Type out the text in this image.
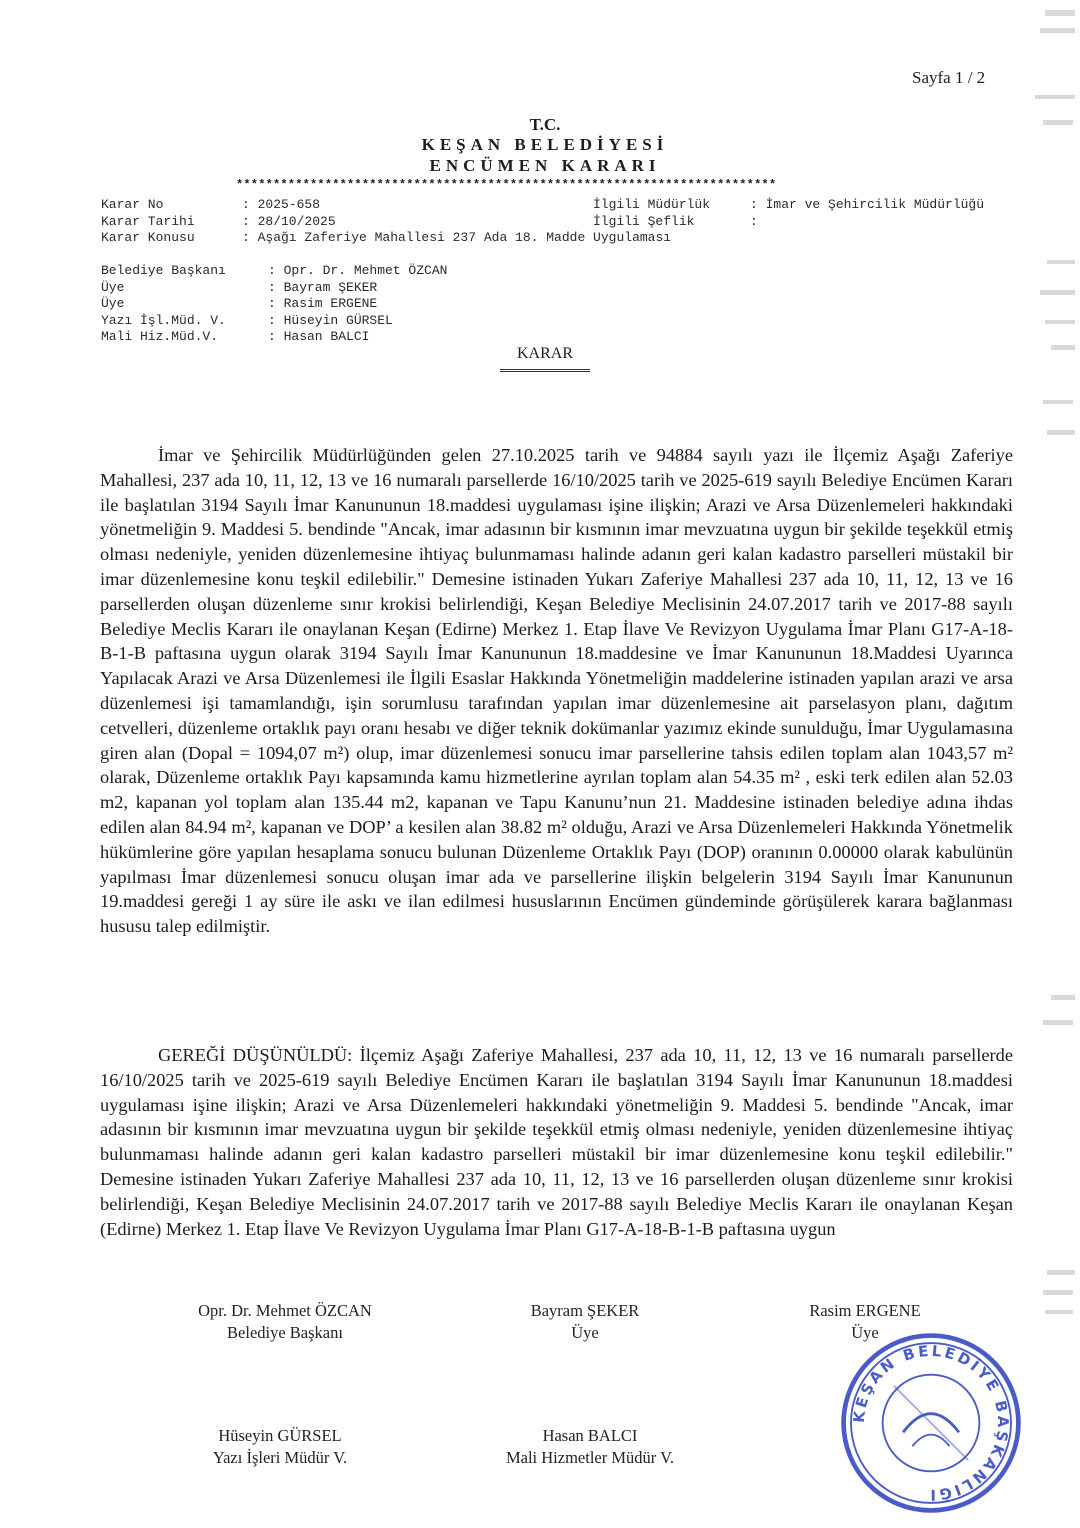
Sayfa 1 / 2
T.C.
KEŞAN BELEDİYESİ
ENCÜMEN KARARI
*************************************************************************
Karar No
Karar Tarihi
Karar Konusu
: 2025-658
: 28/10/2025
: Aşağı Zaferiye Mahallesi 237 Ada 18. Madde Uygulaması
İlgili Müdürlük
İlgili Şeflik
: İmar ve Şehircilik Müdürlüğü
:
Belediye Başkanı
Üye
Üye
Yazı İşl.Müd. V.
Mali Hiz.Müd.V.
: Opr. Dr. Mehmet ÖZCAN
: Bayram ŞEKER
: Rasim ERGENE
: Hüseyin GÜRSEL
: Hasan BALCI
KARAR
İmar ve Şehircilik Müdürlüğünden gelen 27.10.2025 tarih ve 94884 sayılı yazı ile İlçemiz Aşağı Zaferiye Mahallesi, 237 ada 10, 11, 12, 13 ve 16 numaralı parsellerde 16/10/2025 tarih ve 2025-619 sayılı Belediye Encümen Kararı ile başlatılan 3194 Sayılı İmar Kanununun 18.maddesi uygulaması işine ilişkin; Arazi ve Arsa Düzenlemeleri hakkındaki yönetmeliğin 9. Maddesi 5. bendinde "Ancak, imar adasının bir kısmının imar mevzuatına uygun bir şekilde teşekkül etmiş olması nedeniyle, yeniden düzenlemesine ihtiyaç bulunmaması halinde adanın geri kalan kadastro parselleri müstakil bir imar düzenlemesine konu teşkil edilebilir." Demesine istinaden Yukarı Zaferiye Mahallesi 237 ada 10, 11, 12, 13 ve 16 parsellerden oluşan düzenleme sınır krokisi belirlendiği, Keşan Belediye Meclisinin 24.07.2017 tarih ve 2017-88 sayılı Belediye Meclis Kararı ile onaylanan Keşan (Edirne) Merkez 1. Etap İlave Ve Revizyon Uygulama İmar Planı G17-A-18-B-1-B paftasına uygun olarak 3194 Sayılı İmar Kanununun 18.maddesine ve İmar Kanununun 18.Maddesi Uyarınca Yapılacak Arazi ve Arsa Düzenlemesi ile İlgili Esaslar Hakkında Yönetmeliğin maddelerine istinaden yapılan arazi ve arsa düzenlemesi işi tamamlandığı, işin sorumlusu tarafından yapılan imar düzenlemesine ait parselasyon planı, dağıtım cetvelleri, düzenleme ortaklık payı oranı hesabı ve diğer teknik dokümanlar yazımız ekinde sunulduğu, İmar Uygulamasına giren alan (Dopal = 1094,07 m²) olup, imar düzenlemesi sonucu imar parsellerine tahsis edilen toplam alan 1043,57 m² olarak, Düzenleme ortaklık Payı kapsamında kamu hizmetlerine ayrılan toplam alan 54.35 m² , eski terk edilen alan 52.03 m2, kapanan yol toplam alan 135.44 m2, kapanan ve Tapu Kanunu’nun 21. Maddesine istinaden belediye adına ihdas edilen alan 84.94 m², kapanan ve DOP’ a kesilen alan 38.82 m² olduğu, Arazi ve Arsa Düzenlemeleri Hakkında Yönetmelik hükümlerine göre yapılan hesaplama sonucu bulunan Düzenleme Ortaklık Payı (DOP) oranının 0.00000 olarak kabulünün yapılması İmar düzenlemesi sonucu oluşan imar ada ve parsellerine ilişkin belgelerin 3194 Sayılı İmar Kanununun 19.maddesi gereği 1 ay süre ile askı ve ilan edilmesi hususlarının Encümen gündeminde görüşülerek karara bağlanması hususu talep edilmiştir.
GEREĞİ DÜŞÜNÜLDÜ: İlçemiz Aşağı Zaferiye Mahallesi, 237 ada 10, 11, 12, 13 ve 16 numaralı parsellerde 16/10/2025 tarih ve 2025-619 sayılı Belediye Encümen Kararı ile başlatılan 3194 Sayılı İmar Kanununun 18.maddesi uygulaması işine ilişkin; Arazi ve Arsa Düzenlemeleri hakkındaki yönetmeliğin 9. Maddesi 5. bendinde "Ancak, imar adasının bir kısmının imar mevzuatına uygun bir şekilde teşekkül etmiş olması nedeniyle, yeniden düzenlemesine ihtiyaç bulunmaması halinde adanın geri kalan kadastro parselleri müstakil bir imar düzenlemesine konu teşkil edilebilir." Demesine istinaden Yukarı Zaferiye Mahallesi 237 ada 10, 11, 12, 13 ve 16 parsellerden oluşan düzenleme sınır krokisi belirlendiği, Keşan Belediye Meclisinin 24.07.2017 tarih ve 2017-88 sayılı Belediye Meclis Kararı ile onaylanan Keşan (Edirne) Merkez 1. Etap İlave Ve Revizyon Uygulama İmar Planı G17-A-18-B-1-B paftasına uygun
Opr. Dr. Mehmet ÖZCAN
Belediye Başkanı
Bayram ŞEKER
Üye
Rasim ERGENE
Üye
Hüseyin GÜRSEL
Yazı İşleri Müdür V.
Hasan BALCI
Mali Hizmetler Müdür V.
KEŞAN BELEDİYE BAŞKANLIĞI
